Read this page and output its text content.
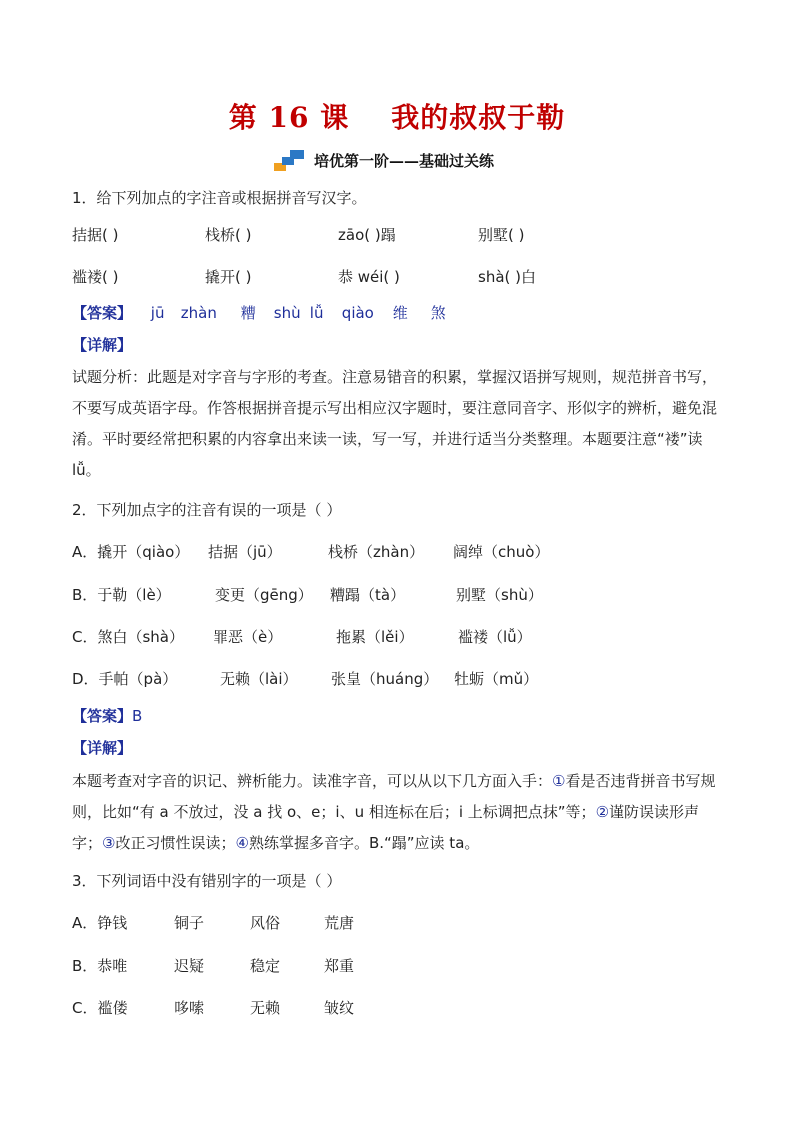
第 16 课 我的叔叔于勒
培优第一阶——基础过关练
1．给下列加点的字注音或根据拼音写汉字。
拮据( )	栈桥( )	zāo( )蹋	别墅( )
褴褛( )	撬开( )	恭 wéi( )	shà( )白
【答案】 jū zhàn 糟 shù lǚ qiào 维 煞
【详解】
试题分析：此题是对字音与字形的考查。注意易错音的积累，掌握汉语拼写规则，规范拼音书写，不要写成英语字母。作答根据拼音提示写出相应汉字题时，要注意同音字、形似字的辨析，避免混淆。平时要经常把积累的内容拿出来读一读，写一写，并进行适当分类整理。本题要注意“褛”读 lǚ。
2．下列加点字的注音有误的一项是（ ）
A．撬开（qiào） 拮据（jū）	栈桥（zhàn） 阔绰（chuò）
B．于勒（lè）	变更（gēng） 糟蹋（tà）	别墅（shù）
C．煞白（shà） 罪恶（è）	拖累（lěi）	褴褛（lǚ）
D．手帕（pà）	无赖（lài） 张皇（huáng） 牡蛎（mǔ）
【答案】B
【详解】
本题考查对字音的识记、辨析能力。读准字音，可以从以下几方面入手：①看是否违背拼音书写规则，比如“有 a 不放过，没 a 找 o、e；i、u 相连标在后；i 上标调把点抹”等；②谨防误读形声字；③改正习惯性误读；④熟练掌握多音字。B.“蹋”应读 ta。
3．下列词语中没有错别字的一项是（ ）
A．铮钱	铜子	风俗	荒唐
B．恭唯	迟疑	稳定	郑重
C．褴偻	哆嗦	无赖	皱纹
